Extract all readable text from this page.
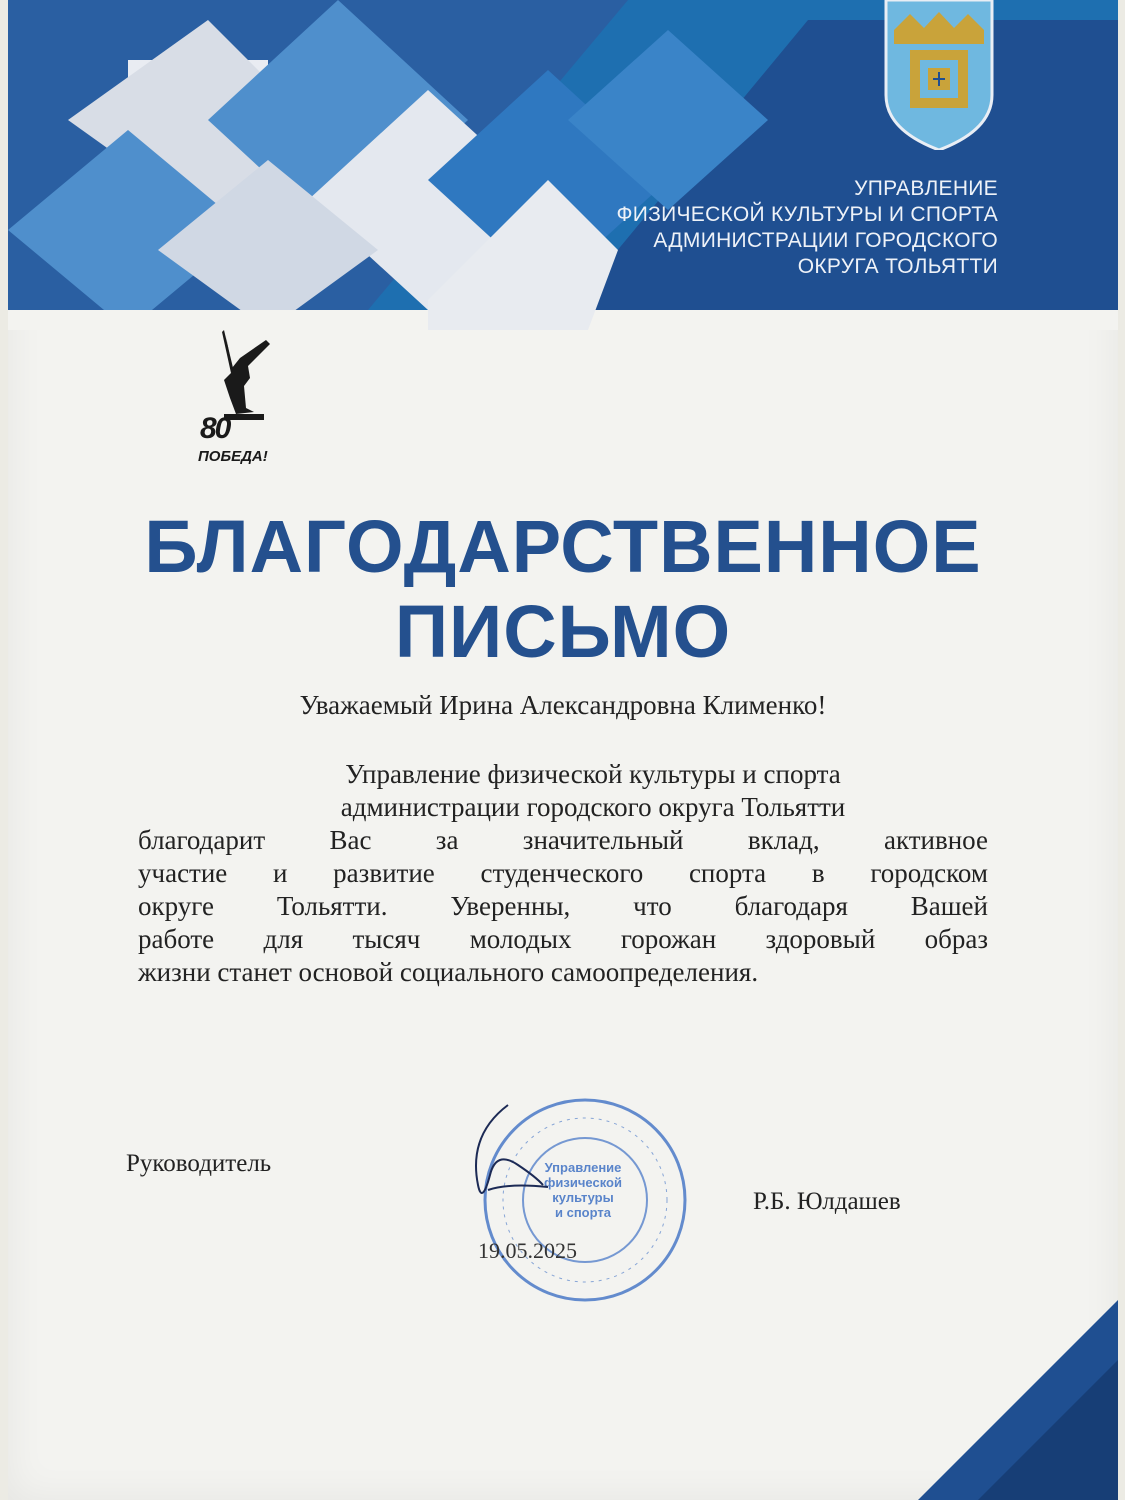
УПРАВЛЕНИЕ
ФИЗИЧЕСКОЙ КУЛЬТУРЫ И СПОРТА
АДМИНИСТРАЦИИ ГОРОДСКОГО
ОКРУГА ТОЛЬЯТТИ
80
ПОБЕДА!
БЛАГОДАРСТВЕННОЕ
ПИСЬМО
Уважаемый Ирина Александровна Клименко!
Управление физической культуры и спорта
администрации городского округа Тольятти
благодарит Вас за значительный вклад, активное
участие и развитие студенческого спорта в городском
округе Тольятти. Уверенны, что благодаря Вашей
работе для тысяч молодых горожан здоровый образ
жизни станет основой социального самоопределения.
Управление
физической
культуры
и спорта
Руководитель
Р.Б. Юлдашев
19.05.2025
